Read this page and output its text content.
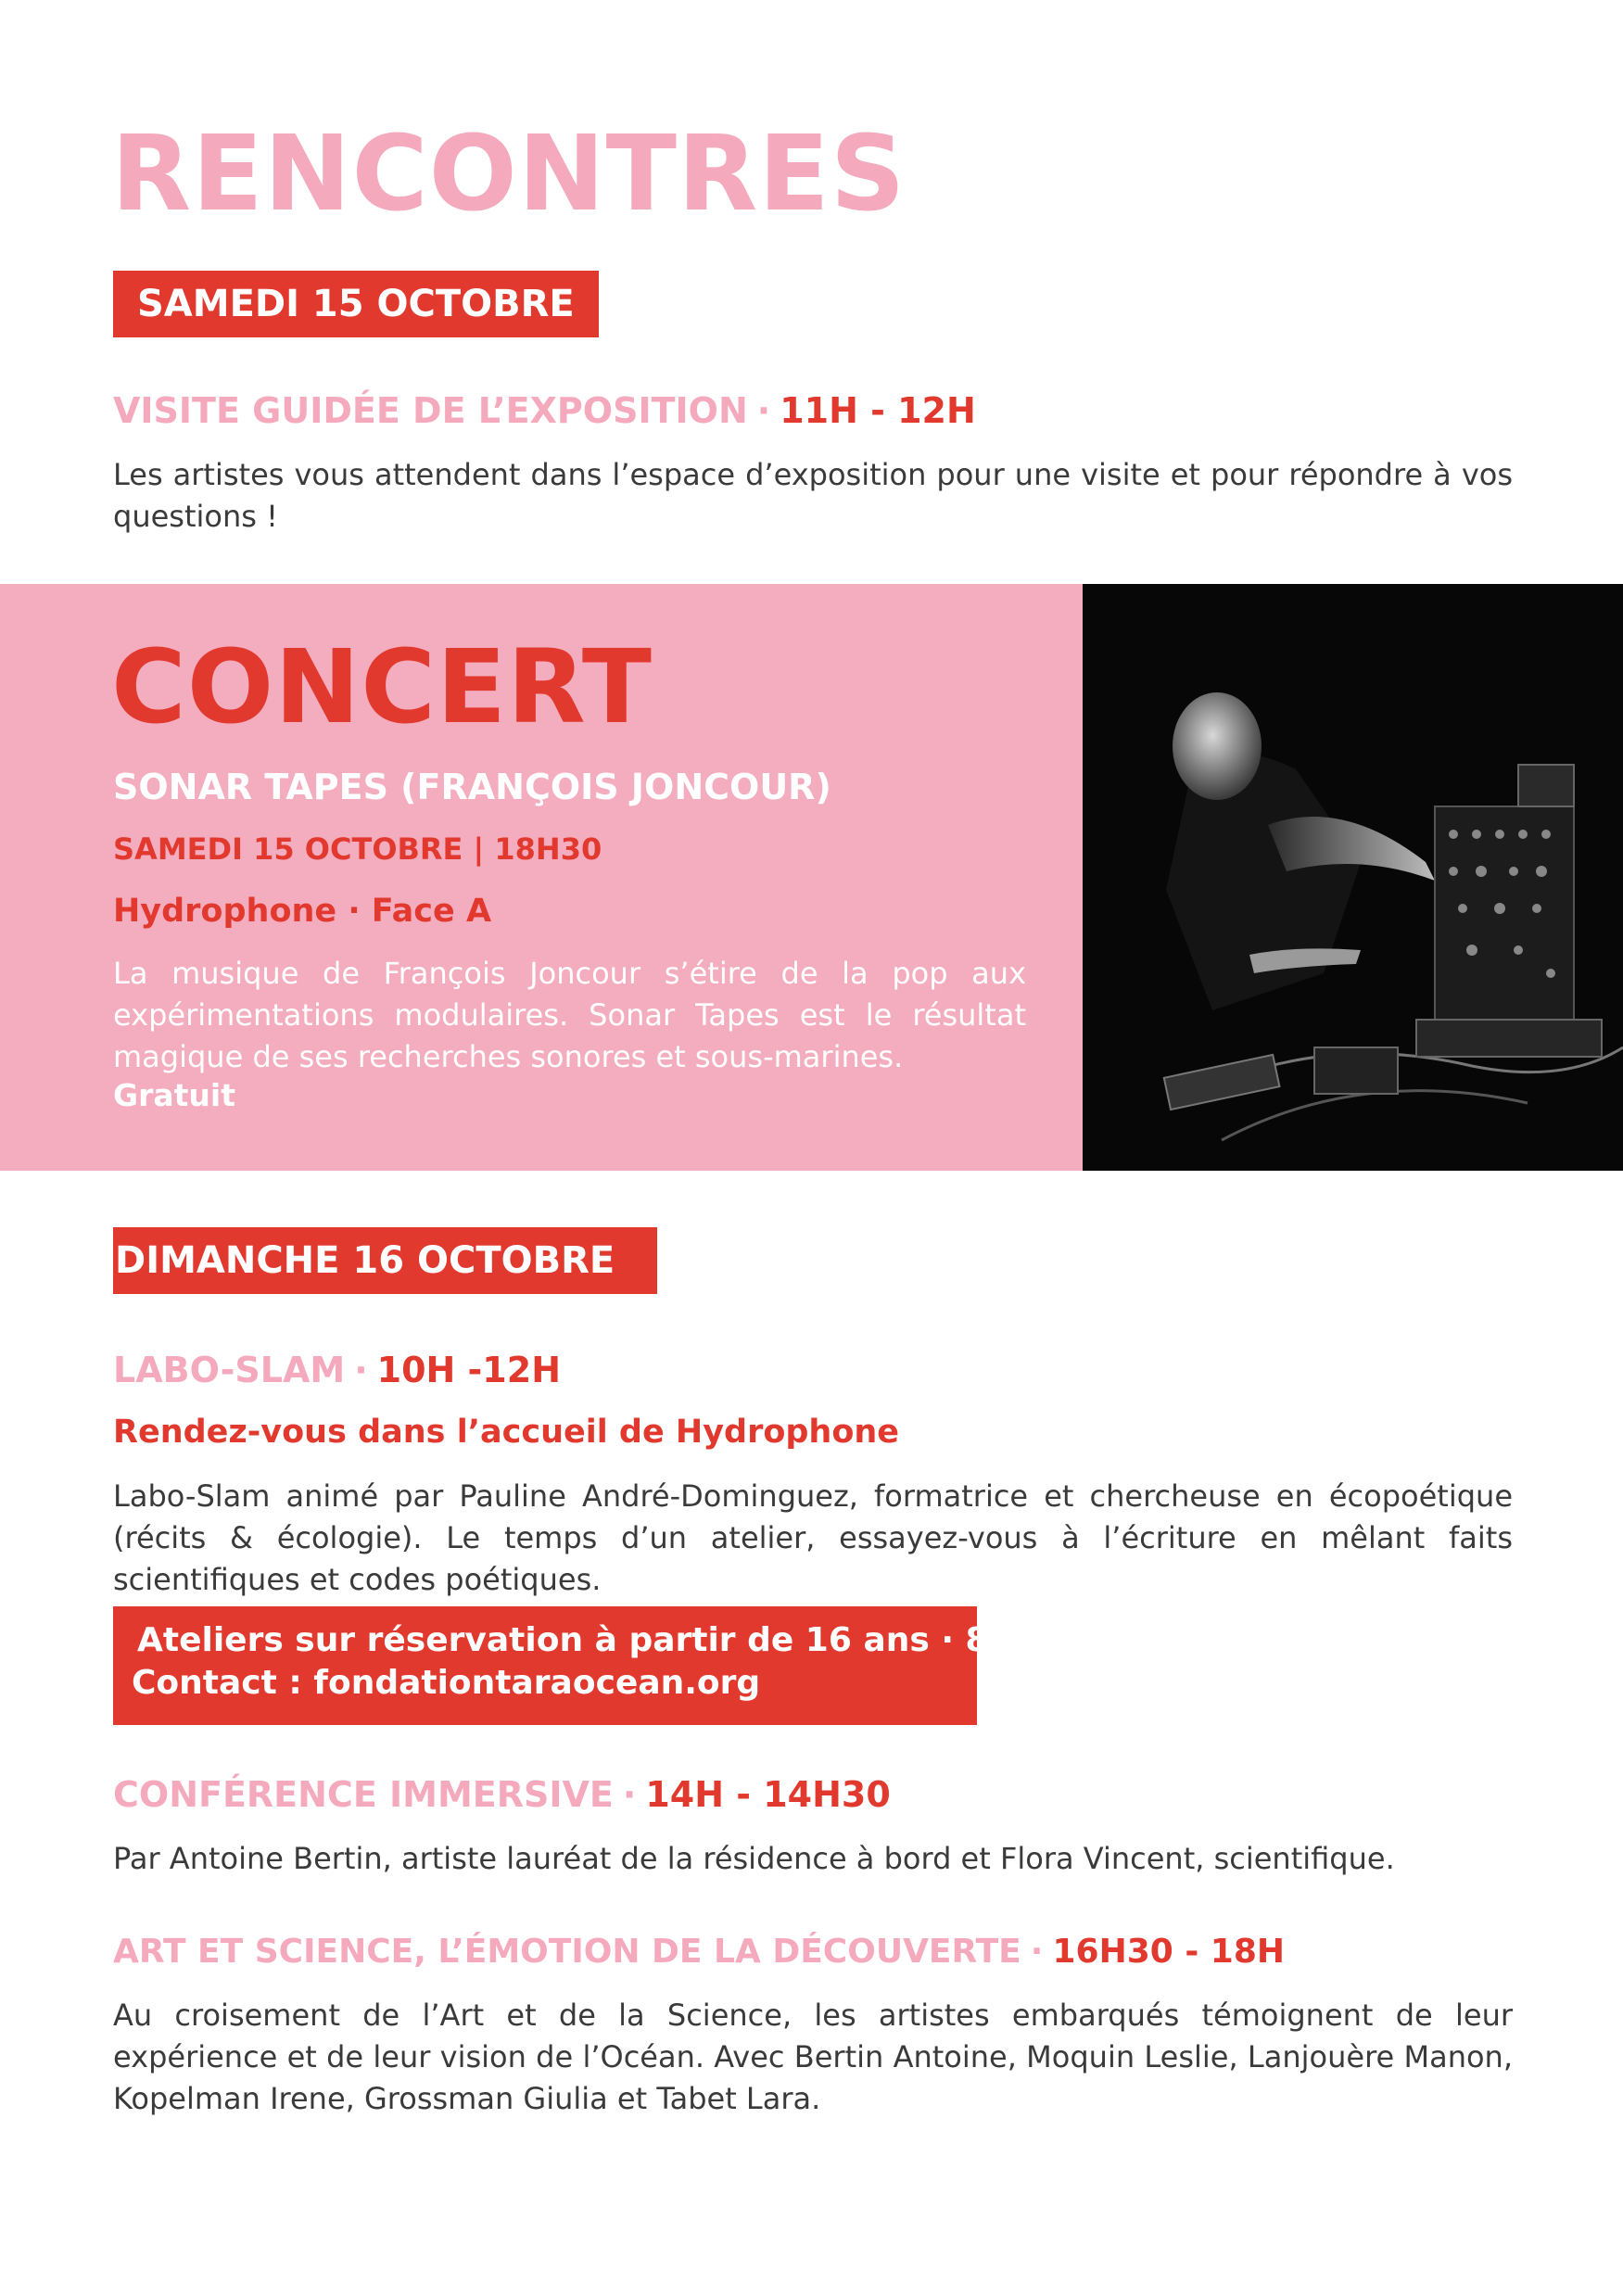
RENCONTRES
SAMEDI 15 OCTOBRE
VISITE GUIDÉE DE L’EXPOSITION · 11H - 12H
Les artistes vous attendent dans l’espace d’exposition pour une visite et pour répondre à vos questions !
CONCERT
SONAR TAPES (FRANÇOIS JONCOUR)
SAMEDI 15 OCTOBRE | 18H30
Hydrophone · Face A
La musique de François Joncour s’étire de la pop aux expérimentations modulaires. Sonar Tapes est le résultat magique de ses recherches sonores et sous-marines.
Gratuit
DIMANCHE 16 OCTOBRE
LABO-SLAM · 10H -12H
Rendez-vous dans l’accueil de Hydrophone
Labo-Slam animé par Pauline André-Dominguez, formatrice et chercheuse en écopoétique (récits & écologie). Le temps d’un atelier, essayez-vous à l’écriture en mêlant faits scientifiques et codes poétiques.
Ateliers sur réservation à partir de 16 ans · 8 places
Contact : fondationtaraocean.org
CONFÉRENCE IMMERSIVE · 14H - 14H30
Par Antoine Bertin, artiste lauréat de la résidence à bord et Flora Vincent, scientifique.
ART ET SCIENCE, L’ÉMOTION DE LA DÉCOUVERTE · 16H30 - 18H
Au croisement de l’Art et de la Science, les artistes embarqués témoignent de leur expérience et de leur vision de l’Océan. Avec Bertin Antoine, Moquin Leslie, Lanjouère Manon, Kopelman Irene, Grossman Giulia et Tabet Lara.
